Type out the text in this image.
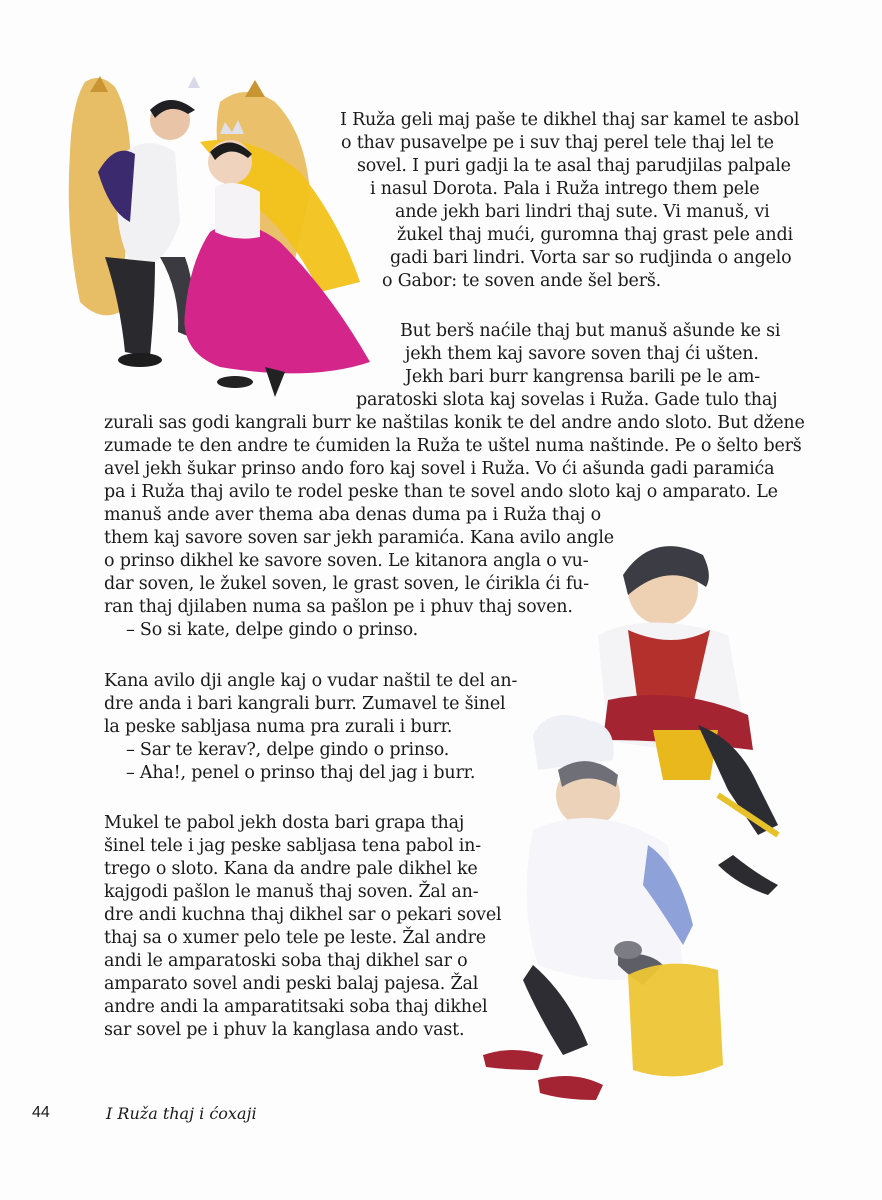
I Ruža geli maj paše te dikhel thaj sar kamel te asbol
o thav pusavelpe pe i suv thaj perel tele thaj lel te
sovel. I puri gadji la te asal thaj parudjilas palpale
i nasul Dorota. Pala i Ruža intrego them pele
ande jekh bari lindri thaj sute. Vi manuš, vi
žukel thaj mući, guromna thaj grast pele andi
gadi bari lindri. Vorta sar so rudjinda o angelo
o Gabor: te soven ande šel berš.
But berš naćile thaj but manuš ašunde ke si
jekh them kaj savore soven thaj ći ušten.
Jekh bari burr kangrensa barili pe le am-
paratoski slota kaj sovelas i Ruža. Gade tulo thaj
zurali sas godi kangrali burr ke naštilas konik te del andre ando sloto. But džene
zumade te den andre te ćumiden la Ruža te uštel numa naštinde. Pe o šelto berš
avel jekh šukar prinso ando foro kaj sovel i Ruža. Vo ći ašunda gadi paramića
pa i Ruža thaj avilo te rodel peske than te sovel ando sloto kaj o amparato. Le
manuš ande aver thema aba denas duma pa i Ruža thaj o
them kaj savore soven sar jekh paramića. Kana avilo angle
o prinso dikhel ke savore soven. Le kitanora angla o vu-
dar soven, le žukel soven, le grast soven, le ćirikla ći fu-
ran thaj djilaben numa sa pašlon pe i phuv thaj soven.
– So si kate, delpe gindo o prinso.
Kana avilo dji angle kaj o vudar naštil te del an-
dre anda i bari kangrali burr. Zumavel te šinel
la peske sabljasa numa pra zurali i burr.
– Sar te kerav?, delpe gindo o prinso.
– Aha!, penel o prinso thaj del jag i burr.
Mukel te pabol jekh dosta bari grapa thaj
šinel tele i jag peske sabljasa tena pabol in-
trego o sloto. Kana da andre pale dikhel ke
kajgodi pašlon le manuš thaj soven. Žal an-
dre andi kuchna thaj dikhel sar o pekari sovel
thaj sa o xumer pelo tele pe leste. Žal andre
andi le amparatoski soba thaj dikhel sar o
amparato sovel andi peski balaj pajesa. Žal
andre andi la amparatitsaki soba thaj dikhel
sar sovel pe i phuv la kanglasa ando vast.
44	I Ruža thaj i ćoxaji
